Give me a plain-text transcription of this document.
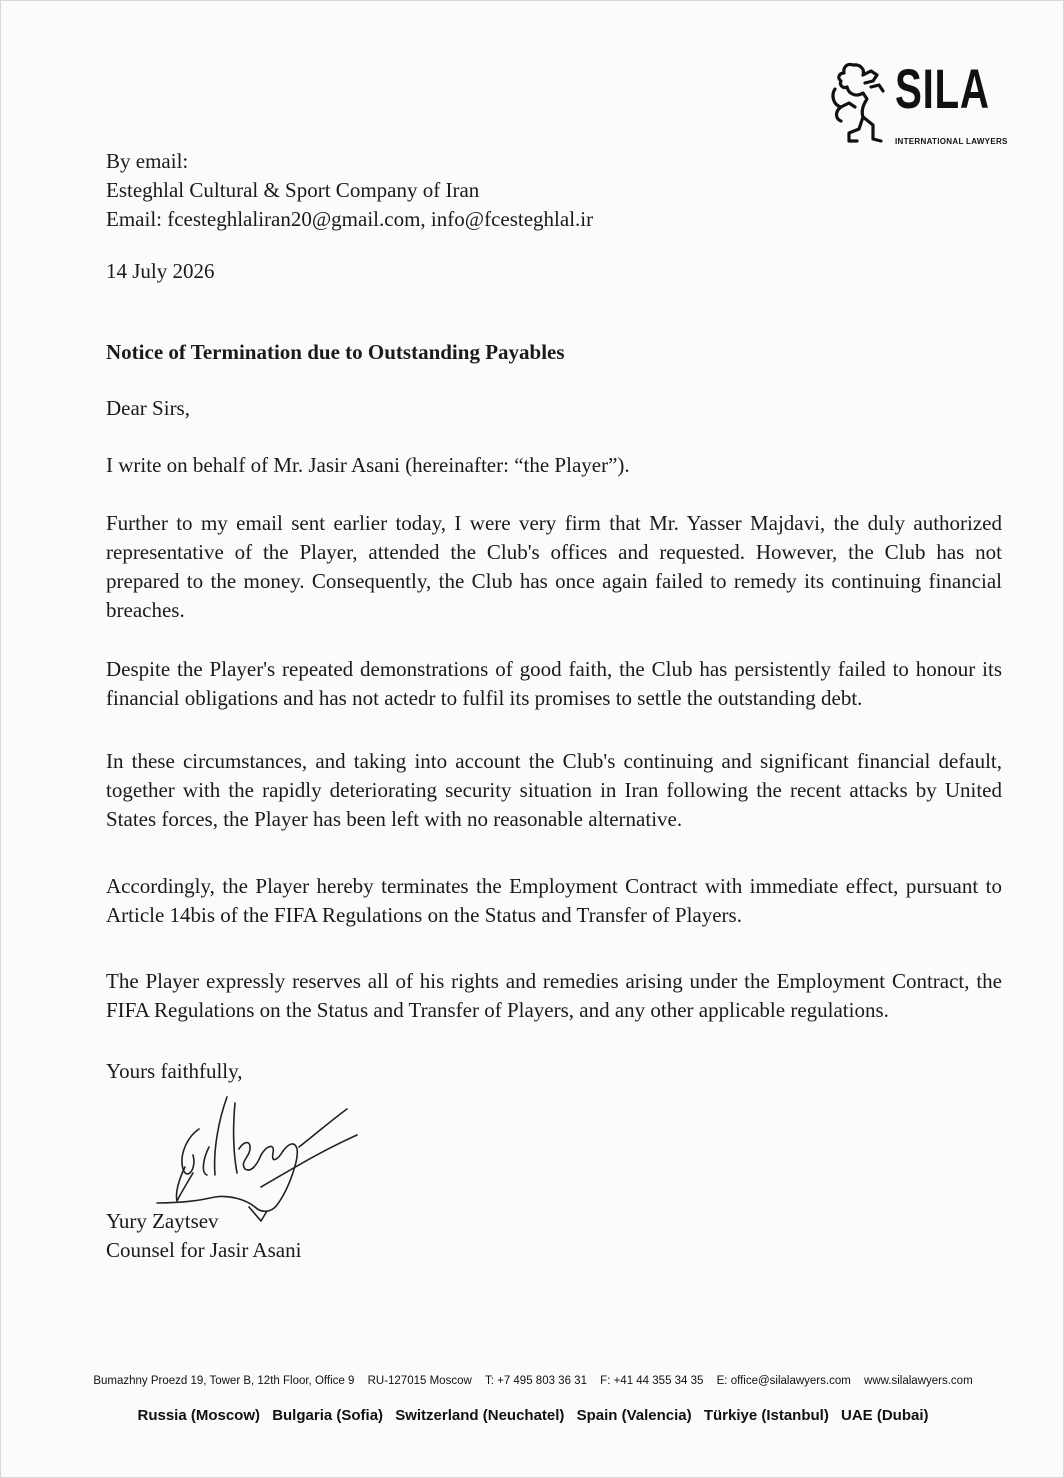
SILA
INTERNATIONAL LAWYERS
By email:
Esteghlal Cultural & Sport Company of Iran
Email: fcesteghlaliran20@gmail.com, info@fcesteghlal.ir
14 July 2026
Notice of Termination due to Outstanding Payables
Dear Sirs,
I write on behalf of Mr. Jasir Asani (hereinafter: “the Player”).
Further to my email sent earlier today, I were very firm that Mr. Yasser Majdavi, the duly authorized representative of the Player, attended the Club's offices and requested. However, the Club has not prepared to the money. Consequently, the Club has once again failed to remedy its continuing financial breaches.
Despite the Player's repeated demonstrations of good faith, the Club has persistently failed to honour its financial obligations and has not actedr to fulfil its promises to settle the outstanding debt.
In these circumstances, and taking into account the Club's continuing and significant financial default, together with the rapidly deteriorating security situation in Iran following the recent attacks by United States forces, the Player has been left with no reasonable alternative.
Accordingly, the Player hereby terminates the Employment Contract with immediate effect, pursuant to Article 14bis of the FIFA Regulations on the Status and Transfer of Players.
The Player expressly reserves all of his rights and remedies arising under the Employment Contract, the FIFA Regulations on the Status and Transfer of Players, and any other applicable regulations.
Yours faithfully,
Yury Zaytsev
Counsel for Jasir Asani
Bumazhny Proezd 19, Tower B, 12th Floor, Office 9 RU-127015 Moscow T: +7 495 803 36 31 F: +41 44 355 34 35 E: office@silalawyers.com www.silalawyers.com
Russia (Moscow) Bulgaria (Sofia) Switzerland (Neuchatel) Spain (Valencia) Türkiye (Istanbul) UAE (Dubai)
